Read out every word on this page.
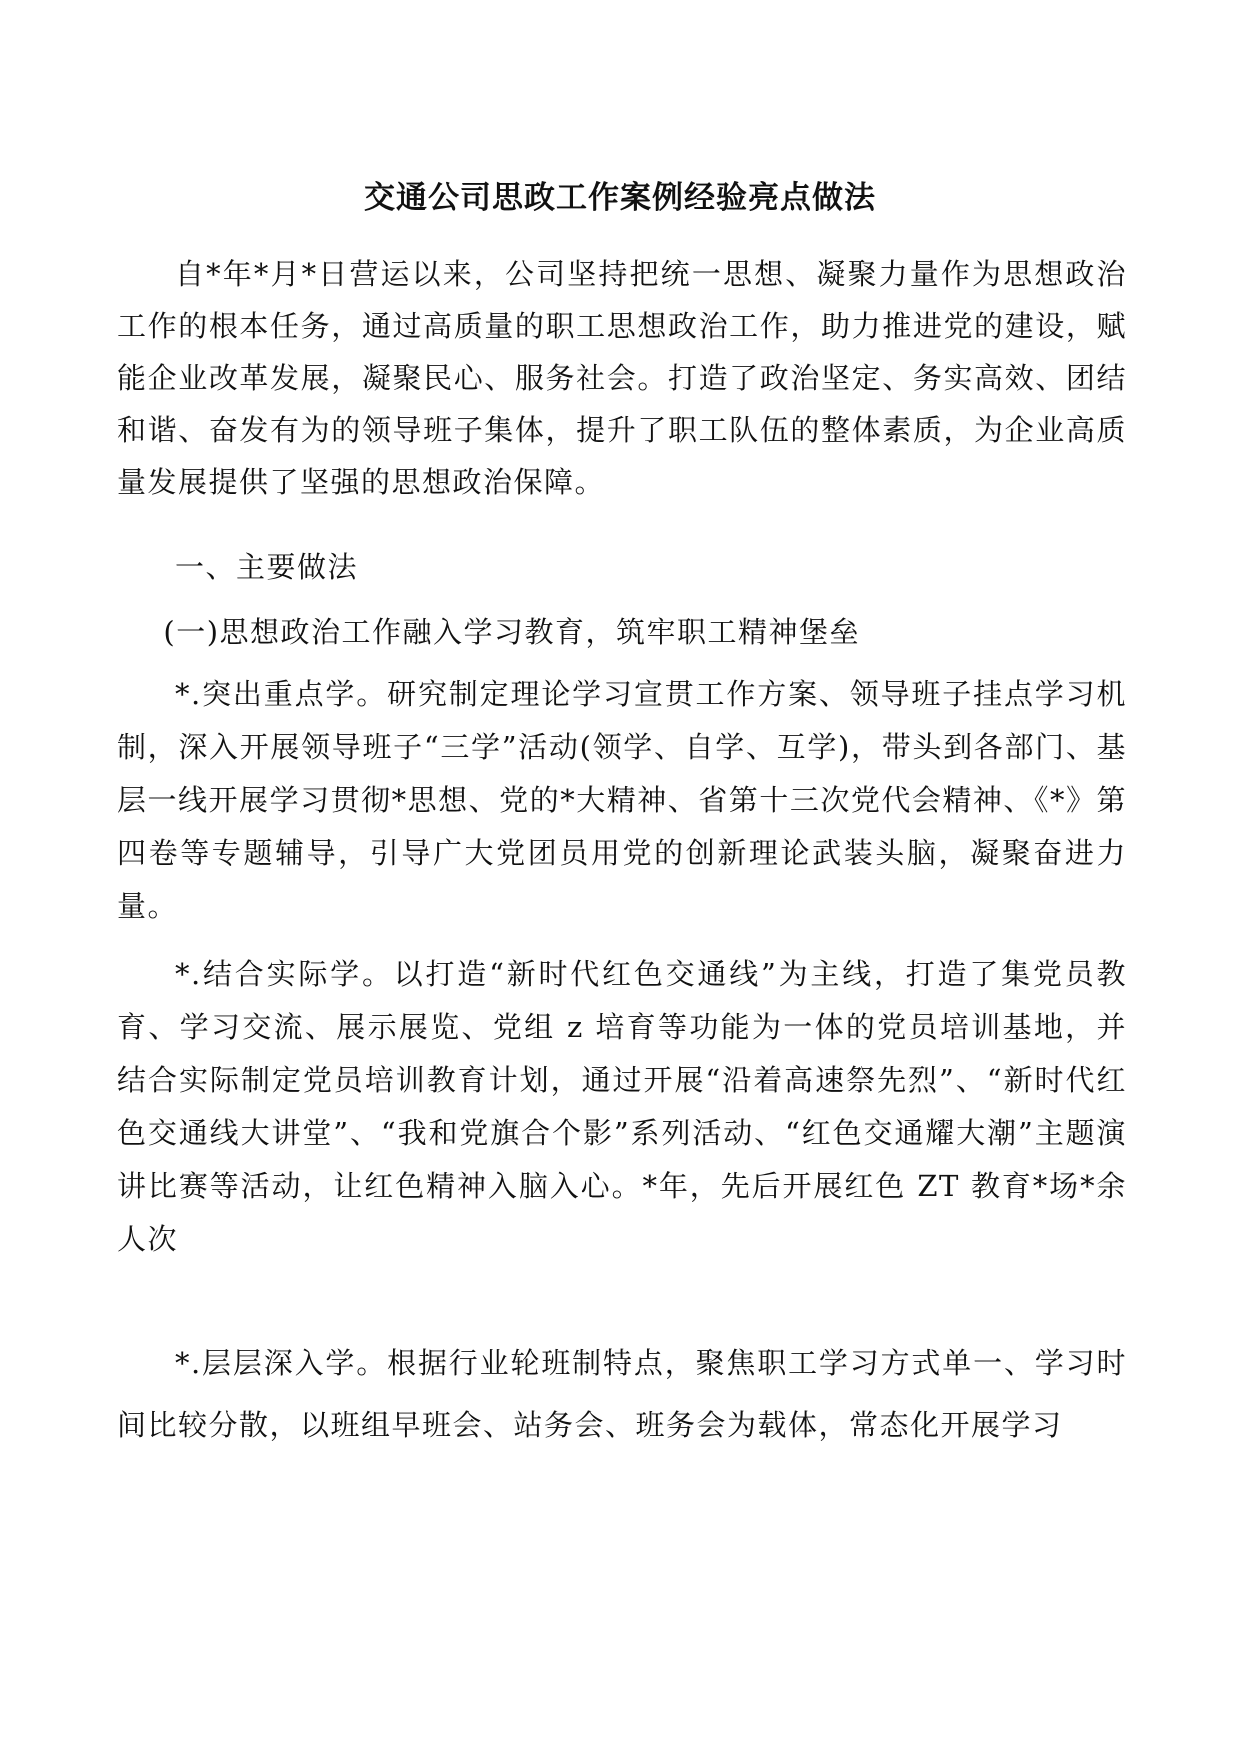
交通公司思政工作案例经验亮点做法

自*年*月*日营运以来，公司坚持把统一思想、凝聚力量作为思想政治工作的根本任务，通过高质量的职工思想政治工作，助力推进党的建设，赋能企业改革发展，凝聚民心、服务社会。打造了政治坚定、务实高效、团结和谐、奋发有为的领导班子集体，提升了职工队伍的整体素质，为企业高质量发展提供了坚强的思想政治保障。

一、主要做法

(一)思想政治工作融入学习教育，筑牢职工精神堡垒

*.突出重点学。研究制定理论学习宣贯工作方案、领导班子挂点学习机制，深入开展领导班子“三学”活动(领学、自学、互学)，带头到各部门、基层一线开展学习贯彻*思想、党的*大精神、省第十三次党代会精神、《*》第四卷等专题辅导，引导广大党团员用党的创新理论武装头脑，凝聚奋进力量。

*.结合实际学。以打造“新时代红色交通线”为主线，打造了集党员教育、学习交流、展示展览、党组 z 培育等功能为一体的党员培训基地，并结合实际制定党员培训教育计划，通过开展“沿着高速祭先烈”、“新时代红色交通线大讲堂”、“我和党旗合个影”系列活动、“红色交通耀大潮”主题演讲比赛等活动，让红色精神入脑入心。*年，先后开展红色 ZT 教育*场*余人次

*.层层深入学。根据行业轮班制特点，聚焦职工学习方式单一、学习时间比较分散，以班组早班会、站务会、班务会为载体，常态化开展学习
